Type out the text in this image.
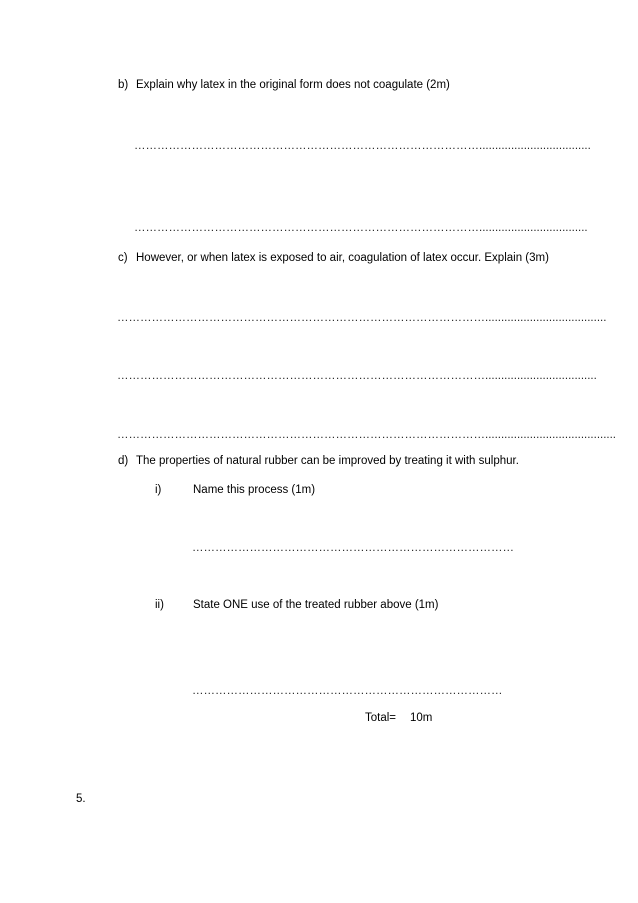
b) Explain why latex in the original form does not coagulate (2m)
………………………………………………………………………………...................................
………………………………………………………………………………..................................
c) However, or when latex is exposed to air, coagulation of latex occur. Explain (3m)
……………………………………………………………………………………......................................
……………………………………………………………………………………...................................
…………………………………………………………………………………….........................................
d) The properties of natural rubber can be improved by treating it with sulphur.
i)	Name this process (1m)
…………………………………………………………………………
ii)	State ONE use of the treated rubber above (1m)
………………………………………………………………………
Total= 10m
5.
